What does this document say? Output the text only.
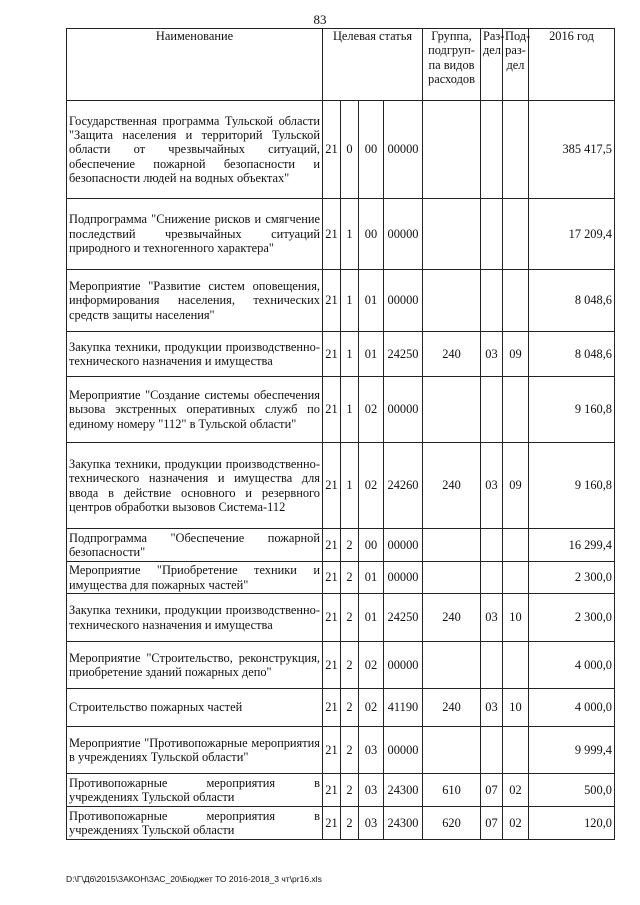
83
Наименование	Целевая статья				Группа, подгруп-па видов расходов	Раз-дел	Под-раз-дел	2016 год
Государственная программа Тульской области "Защита населения и территорий Тульской области от чрезвычайных ситуаций, обеспечение пожарной безопасности и безопасности людей на водных объектах"	21	0	00	00000				385 417,5
Подпрограмма "Снижение рисков и смягчение последствий чрезвычайных ситуаций природного и техногенного характера"	21	1	00	00000				17 209,4
Мероприятие "Развитие систем оповещения, информирования населения, технических средств защиты населения"	21	1	01	00000				8 048,6
Закупка техники, продукции производственно-технического назначения и имущества	21	1	01	24250	240	03	09	8 048,6
Мероприятие "Создание системы обеспечения вызова экстренных оперативных служб по единому номеру "112" в Тульской области"	21	1	02	00000				9 160,8
Закупка техники, продукции производственно-технического назначения и имущества для ввода в действие основного и резервного центров обработки вызовов Система-112	21	1	02	24260	240	03	09	9 160,8
Подпрограмма "Обеспечение пожарной безопасности"	21	2	00	00000				16 299,4
Мероприятие "Приобретение техники и имущества для пожарных частей"	21	2	01	00000				2 300,0
Закупка техники, продукции производственно-технического назначения и имущества	21	2	01	24250	240	03	10	2 300,0
Мероприятие "Строительство, реконструкция, приобретение зданий пожарных депо"	21	2	02	00000				4 000,0
Строительство пожарных частей	21	2	02	41190	240	03	10	4 000,0
Мероприятие "Противопожарные мероприятия в учреждениях Тульской области"	21	2	03	00000				9 999,4
Противопожарные мероприятия в учреждениях Тульской области	21	2	03	24300	610	07	02	500,0
Противопожарные мероприятия в учреждениях Тульской области	21	2	03	24300	620	07	02	120,0
D:\Г\Д6\2015\ЗАКОН\ЗАС_20\Бюджет ТО 2016-2018_3 чт\pr16.xls
